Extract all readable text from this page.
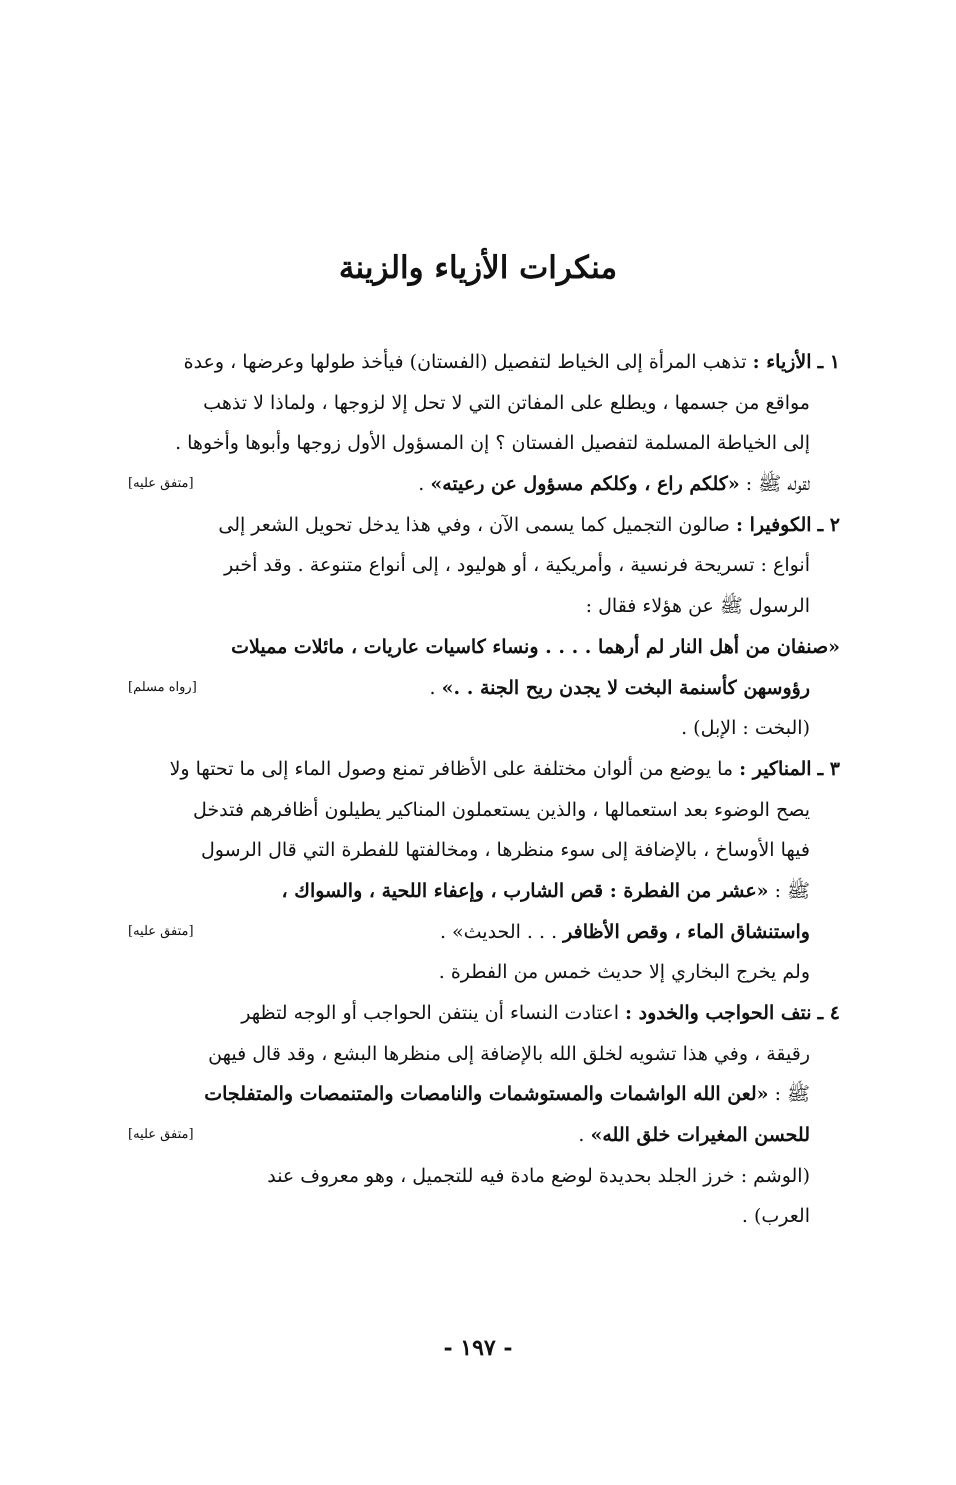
منكرات الأزياء والزينة
١ ـ الأزياء : تذهب المرأة إلى الخياط لتفصيل (الفستان) فيأخذ طولها وعرضها ، وعدة
مواقع من جسمها ، ويطلع على المفاتن التي لا تحل إلا لزوجها ، ولماذا لا تذهب
إلى الخياطة المسلمة لتفصيل الفستان ؟ إن المسؤول الأول زوجها وأبوها وأخوها .
لقوله ﷺ : «كلكم راع ، وكلكم مسؤول عن رعيته» .
[متفق عليه]
٢ ـ الكوفيرا : صالون التجميل كما يسمى الآن ، وفي هذا يدخل تحويل الشعر إلى
أنواع : تسريحة فرنسية ، وأمريكية ، أو هوليود ، إلى أنواع متنوعة . وقد أخبر
الرسول ﷺ عن هؤلاء فقال :
«صنفان من أهل النار لم أرهما . . . . ونساء كاسيات عاريات ، مائلات مميلات
رؤوسهن كأسنمة البخت لا يجدن ريح الجنة . .» .
[رواه مسلم]
(البخت : الإبل) .
٣ ـ المناكير : ما يوضع من ألوان مختلفة على الأظافر تمنع وصول الماء إلى ما تحتها ولا
يصح الوضوء بعد استعمالها ، والذين يستعملون المناكير يطيلون أظافرهم فتدخل
فيها الأوساخ ، بالإضافة إلى سوء منظرها ، ومخالفتها للفطرة التي قال الرسول
ﷺ : «عشر من الفطرة : قص الشارب ، وإعفاء اللحية ، والسواك ،
واستنشاق الماء ، وقص الأظافر . . . الحديث» .
[متفق عليه]
ولم يخرج البخاري إلا حديث خمس من الفطرة .
٤ ـ نتف الحواجب والخدود : اعتادت النساء أن ينتفن الحواجب أو الوجه لتظهر
رقيقة ، وفي هذا تشويه لخلق الله بالإضافة إلى منظرها البشع ، وقد قال فيهن
ﷺ : «لعن الله الواشمات والمستوشمات والنامصات والمتنمصات والمتفلجات
للحسن المغيرات خلق الله» .
[متفق عليه]
(الوشم : خرز الجلد بحديدة لوضع مادة فيه للتجميل ، وهو معروف عند
العرب) .
- ١٩٧ -
